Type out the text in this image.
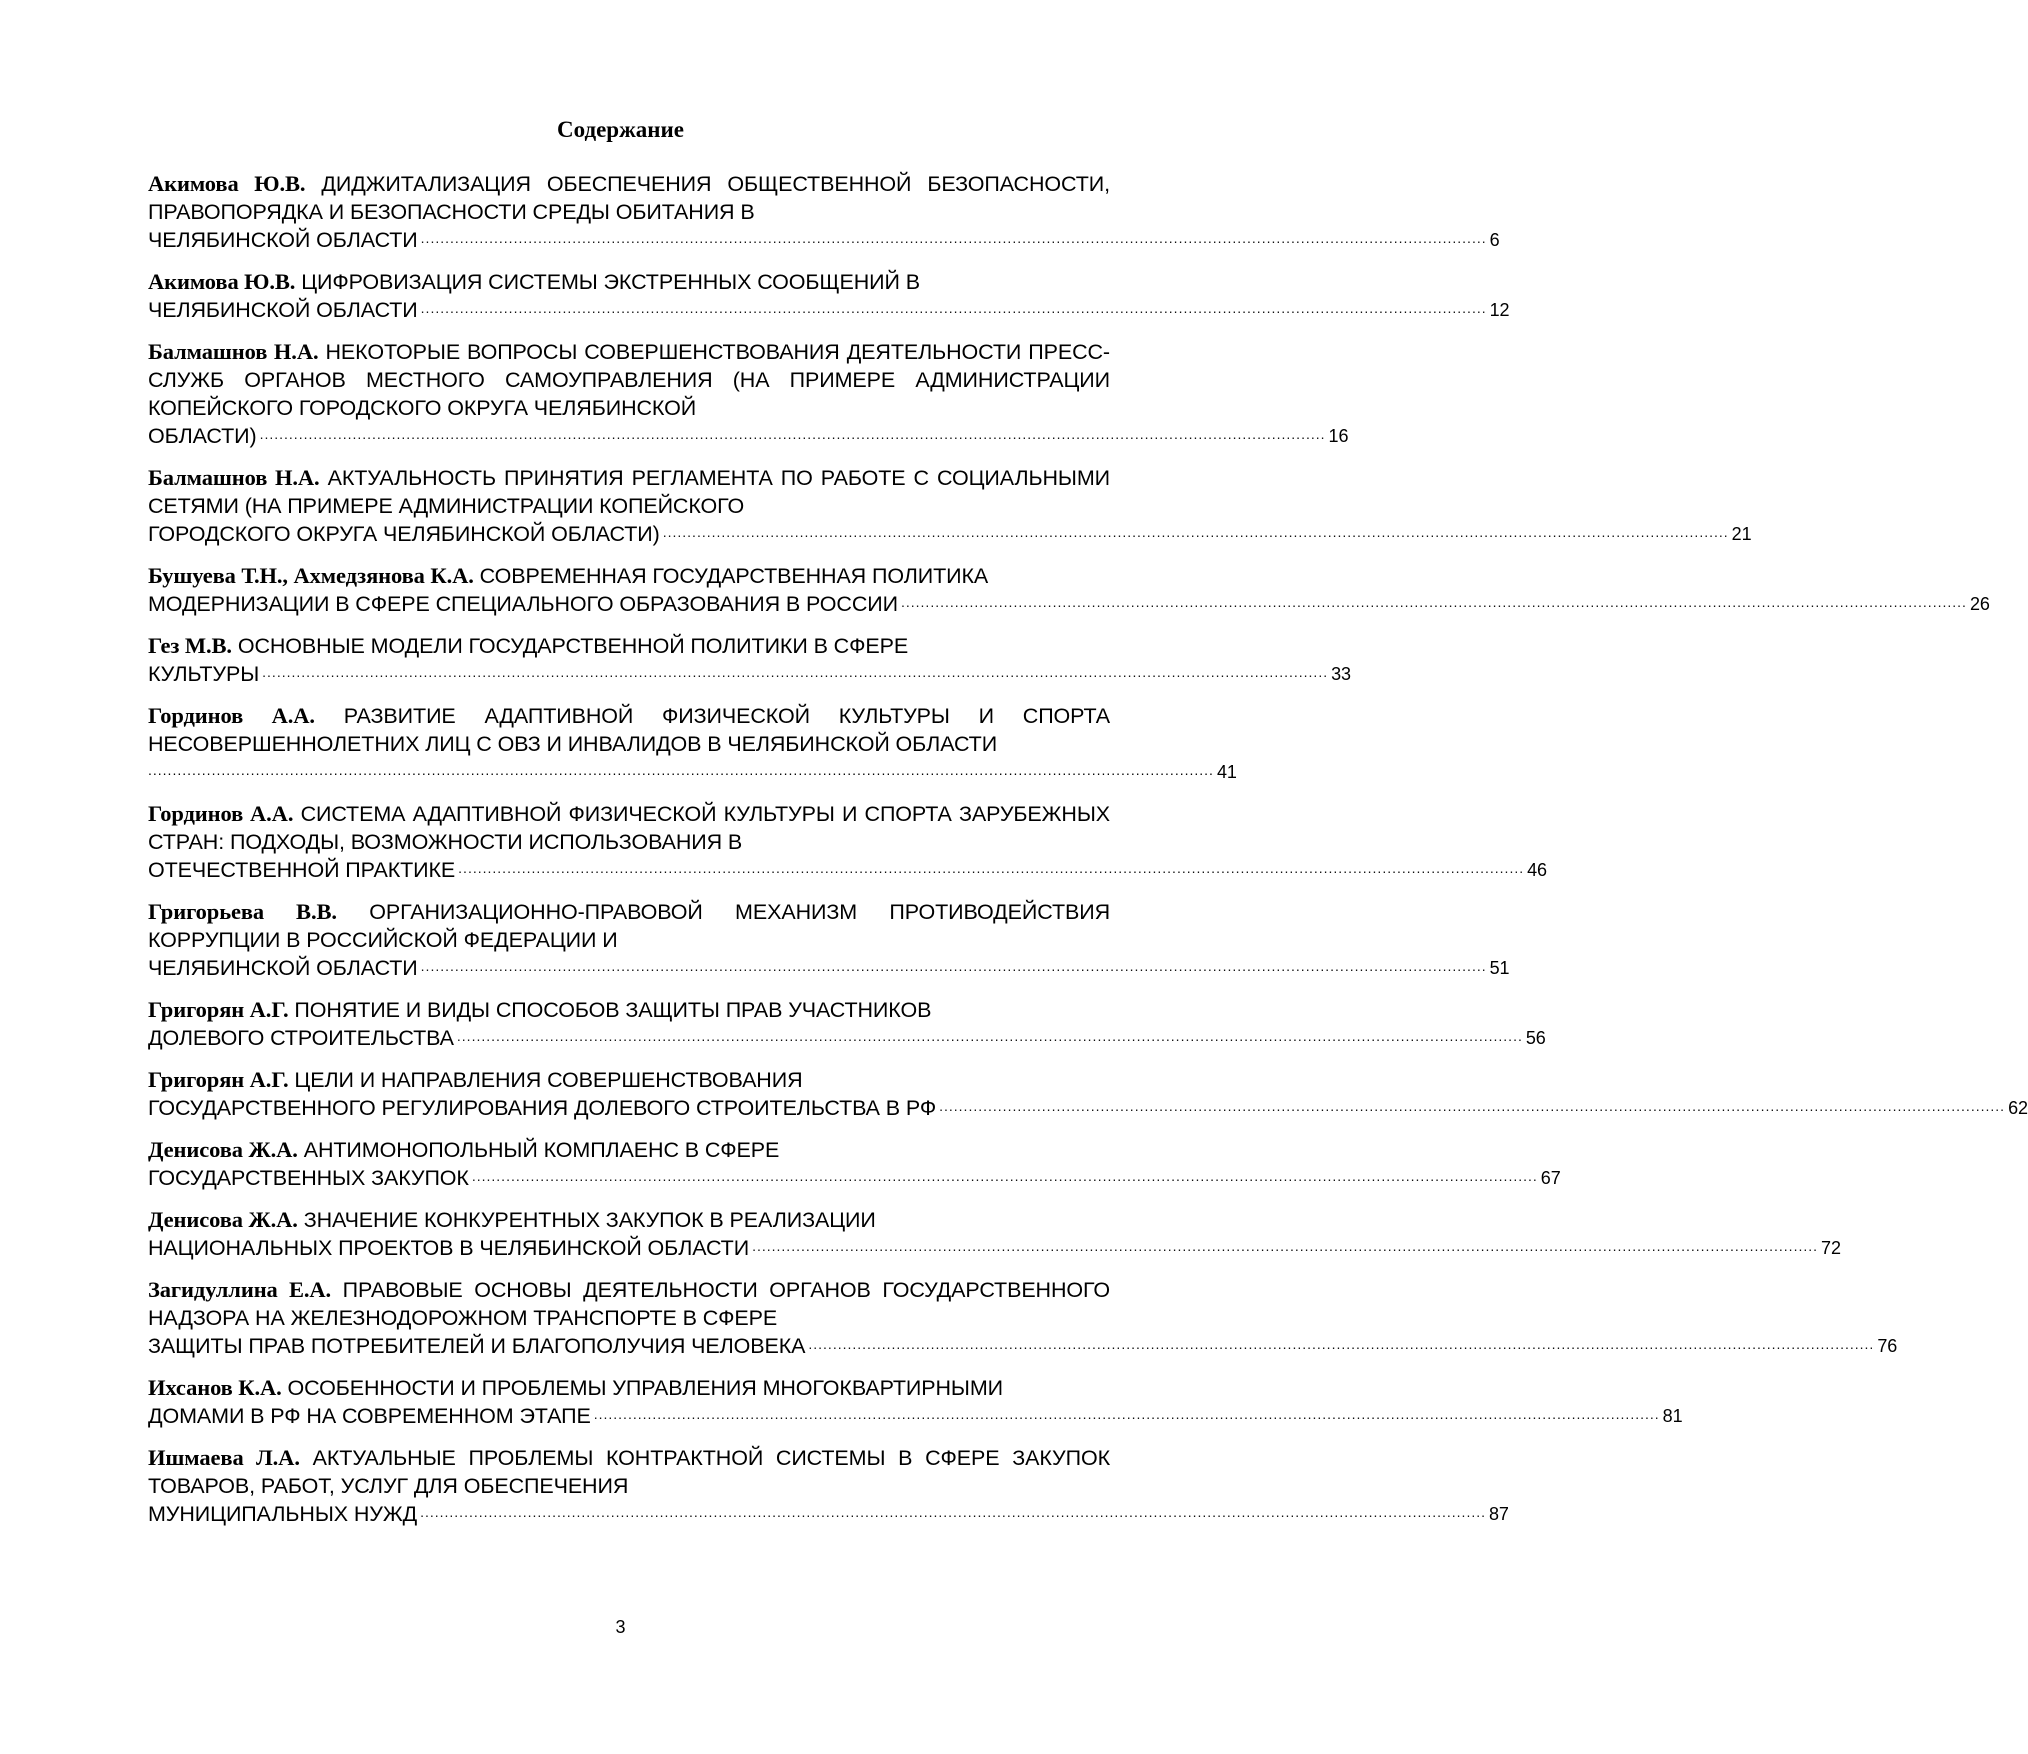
Содержание
Акимова Ю.В. ДИДЖИТАЛИЗАЦИЯ ОБЕСПЕЧЕНИЯ ОБЩЕСТВЕННОЙ БЕЗОПАСНОСТИ, ПРАВОПОРЯДКА И БЕЗОПАСНОСТИ СРЕДЫ ОБИТАНИЯ В
ЧЕЛЯБИНСКОЙ ОБЛАСТИ .......................................................................................................................................................................................................................... 6
Акимова Ю.В. ЦИФРОВИЗАЦИЯ СИСТЕМЫ ЭКСТРЕННЫХ СООБЩЕНИЙ В
ЧЕЛЯБИНСКОЙ ОБЛАСТИ .......................................................................................................................................................................................................................... 12
Балмашнов Н.А. НЕКОТОРЫЕ ВОПРОСЫ СОВЕРШЕНСТВОВАНИЯ ДЕЯТЕЛЬНОСТИ ПРЕСС-СЛУЖБ ОРГАНОВ МЕСТНОГО САМОУПРАВЛЕНИЯ (НА ПРИМЕРЕ АДМИНИСТРАЦИИ КОПЕЙСКОГО ГОРОДСКОГО ОКРУГА ЧЕЛЯБИНСКОЙ
ОБЛАСТИ) .......................................................................................................................................................................................................................... 16
Балмашнов Н.А. АКТУАЛЬНОСТЬ ПРИНЯТИЯ РЕГЛАМЕНТА ПО РАБОТЕ С СОЦИАЛЬНЫМИ СЕТЯМИ (НА ПРИМЕРЕ АДМИНИСТРАЦИИ КОПЕЙСКОГО
ГОРОДСКОГО ОКРУГА ЧЕЛЯБИНСКОЙ ОБЛАСТИ) .......................................................................................................................................................................................................................... 21
Бушуева Т.Н., Ахмедзянова К.А. СОВРЕМЕННАЯ ГОСУДАРСТВЕННАЯ ПОЛИТИКА
МОДЕРНИЗАЦИИ В СФЕРЕ СПЕЦИАЛЬНОГО ОБРАЗОВАНИЯ В РОССИИ .......................................................................................................................................................................................................................... 26
Гез М.В. ОСНОВНЫЕ МОДЕЛИ ГОСУДАРСТВЕННОЙ ПОЛИТИКИ В СФЕРЕ
КУЛЬТУРЫ .......................................................................................................................................................................................................................... 33
Гординов А.А. РАЗВИТИЕ АДАПТИВНОЙ ФИЗИЧЕСКОЙ КУЛЬТУРЫ И СПОРТА НЕСОВЕРШЕННОЛЕТНИХ ЛИЦ С ОВЗ И ИНВАЛИДОВ В ЧЕЛЯБИНСКОЙ ОБЛАСТИ
.......................................................................................................................................................................................................................... 41
Гординов А.А. СИСТЕМА АДАПТИВНОЙ ФИЗИЧЕСКОЙ КУЛЬТУРЫ И СПОРТА ЗАРУБЕЖНЫХ СТРАН: ПОДХОДЫ, ВОЗМОЖНОСТИ ИСПОЛЬЗОВАНИЯ В
ОТЕЧЕСТВЕННОЙ ПРАКТИКЕ .......................................................................................................................................................................................................................... 46
Григорьева В.В. ОРГАНИЗАЦИОННО-ПРАВОВОЙ МЕХАНИЗМ ПРОТИВОДЕЙСТВИЯ КОРРУПЦИИ В РОССИЙСКОЙ ФЕДЕРАЦИИ И
ЧЕЛЯБИНСКОЙ ОБЛАСТИ .......................................................................................................................................................................................................................... 51
Григорян А.Г. ПОНЯТИЕ И ВИДЫ СПОСОБОВ ЗАЩИТЫ ПРАВ УЧАСТНИКОВ
ДОЛЕВОГО СТРОИТЕЛЬСТВА .......................................................................................................................................................................................................................... 56
Григорян А.Г. ЦЕЛИ И НАПРАВЛЕНИЯ СОВЕРШЕНСТВОВАНИЯ
ГОСУДАРСТВЕННОГО РЕГУЛИРОВАНИЯ ДОЛЕВОГО СТРОИТЕЛЬСТВА В РФ .......................................................................................................................................................................................................................... 62
Денисова Ж.А. АНТИМОНОПОЛЬНЫЙ КОМПЛАЕНС В СФЕРЕ
ГОСУДАРСТВЕННЫХ ЗАКУПОК .......................................................................................................................................................................................................................... 67
Денисова Ж.А. ЗНАЧЕНИЕ КОНКУРЕНТНЫХ ЗАКУПОК В РЕАЛИЗАЦИИ
НАЦИОНАЛЬНЫХ ПРОЕКТОВ В ЧЕЛЯБИНСКОЙ ОБЛАСТИ .......................................................................................................................................................................................................................... 72
Загидуллина Е.А. ПРАВОВЫЕ ОСНОВЫ ДЕЯТЕЛЬНОСТИ ОРГАНОВ ГОСУДАРСТВЕННОГО НАДЗОРА НА ЖЕЛЕЗНОДОРОЖНОМ ТРАНСПОРТЕ В СФЕРЕ
ЗАЩИТЫ ПРАВ ПОТРЕБИТЕЛЕЙ И БЛАГОПОЛУЧИЯ ЧЕЛОВЕКА .......................................................................................................................................................................................................................... 76
Ихсанов К.А. ОСОБЕННОСТИ И ПРОБЛЕМЫ УПРАВЛЕНИЯ МНОГОКВАРТИРНЫМИ
ДОМАМИ В РФ НА СОВРЕМЕННОМ ЭТАПЕ .......................................................................................................................................................................................................................... 81
Ишмаева Л.А. АКТУАЛЬНЫЕ ПРОБЛЕМЫ КОНТРАКТНОЙ СИСТЕМЫ В СФЕРЕ ЗАКУПОК ТОВАРОВ, РАБОТ, УСЛУГ ДЛЯ ОБЕСПЕЧЕНИЯ
МУНИЦИПАЛЬНЫХ НУЖД .......................................................................................................................................................................................................................... 87
3
